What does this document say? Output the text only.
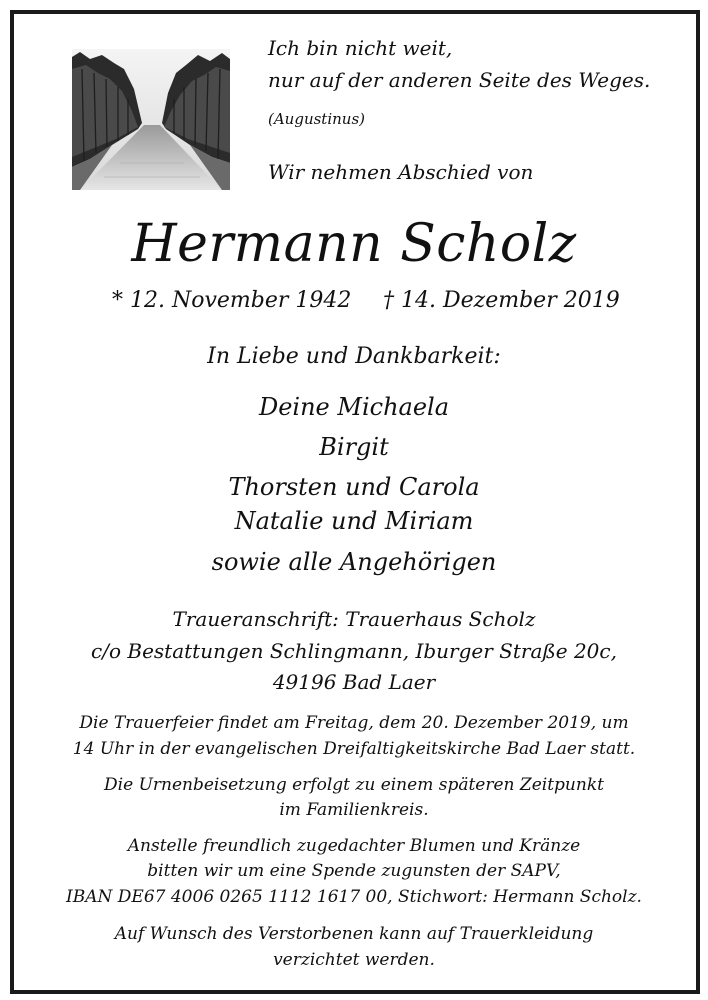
Ich bin nicht weit,
nur auf der anderen Seite des Weges.
(Augustinus)
Wir nehmen Abschied von
Hermann Scholz
* 12. November 1942 † 14. Dezember 2019
In Liebe und Dankbarkeit:
Deine Michaela
Birgit
Thorsten und Carola
Natalie und Miriam
sowie alle Angehörigen
Traueranschrift: Trauerhaus Scholz
c/o Bestattungen Schlingmann, Iburger Straße 20c,
49196 Bad Laer
Die Trauerfeier findet am Freitag, dem 20. Dezember 2019, um
14 Uhr in der evangelischen Dreifaltigkeitskirche Bad Laer statt.
Die Urnenbeisetzung erfolgt zu einem späteren Zeitpunkt
im Familienkreis.
Anstelle freundlich zugedachter Blumen und Kränze
bitten wir um eine Spende zugunsten der SAPV,
IBAN DE67 4006 0265 1112 1617 00, Stichwort: Hermann Scholz.
Auf Wunsch des Verstorbenen kann auf Trauerkleidung
verzichtet werden.
